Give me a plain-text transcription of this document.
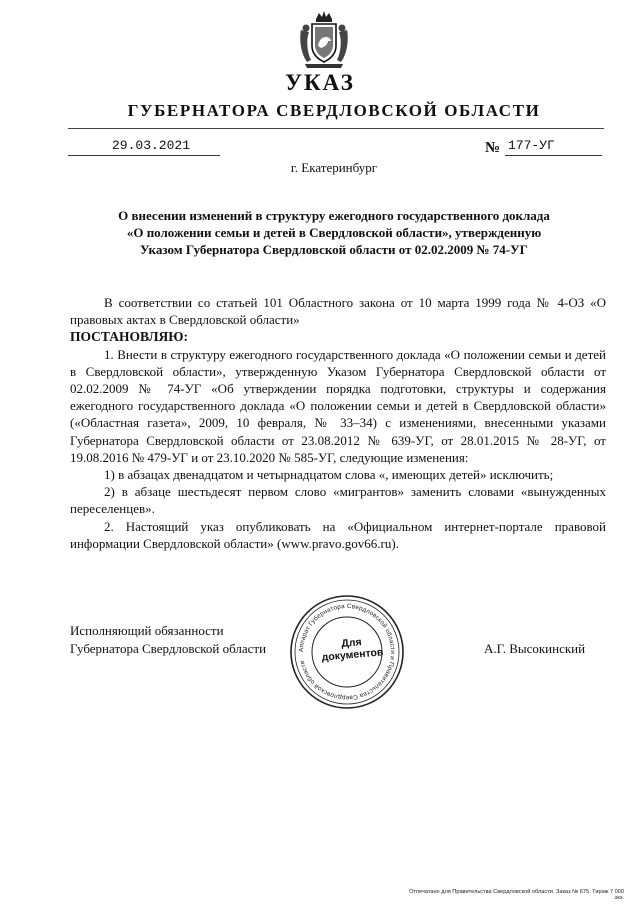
УКАЗ
ГУБЕРНАТОРА СВЕРДЛОВСКОЙ ОБЛАСТИ
29.03.2021	№ 177-УГ
г. Екатеринбург
О внесении изменений в структуру ежегодного государственного доклада
«О положении семьи и детей в Свердловской области», утвержденную
Указом Губернатора Свердловской области от 02.02.2009 № 74-УГ

В соответствии со статьей 101 Областного закона от 10 марта 1999 года № 4-ОЗ «О правовых актах в Свердловской области»

ПОСТАНОВЛЯЮ:

1. Внести в структуру ежегодного государственного доклада «О положении семьи и детей в Свердловской области», утвержденную Указом Губернатора Свердловской области от 02.02.2009 № 74-УГ «Об утверждении порядка подготовки, структуры и содержания ежегодного государственного доклада «О положении семьи и детей в Свердловской области» («Областная газета», 2009, 10 февраля, № 33–34) с изменениями, внесенными указами Губернатора Свердловской области от 23.08.2012 № 639-УГ, от 28.01.2015 № 28-УГ, от 19.08.2016 № 479-УГ и от 23.10.2020 № 585-УГ, следующие изменения:

1) в абзацах двенадцатом и четырнадцатом слова «, имеющих детей» исключить;

2) в абзаце шестьдесят первом слово «мигрантов» заменить словами «вынужденных переселенцев».

2. Настоящий указ опубликовать на «Официальном интернет-портале правовой информации Свердловской области» (www.pravo.gov66.ru).

Аппарат Губернатора Свердловской области и Правительства Свердловской области
Для
документов
Исполняющий обязанности
Губернатора Свердловской области	А.Г. Высокинский
Отпечатано для Правительства Свердловской области. Заказ № 675. Тираж 7 000 экз.
